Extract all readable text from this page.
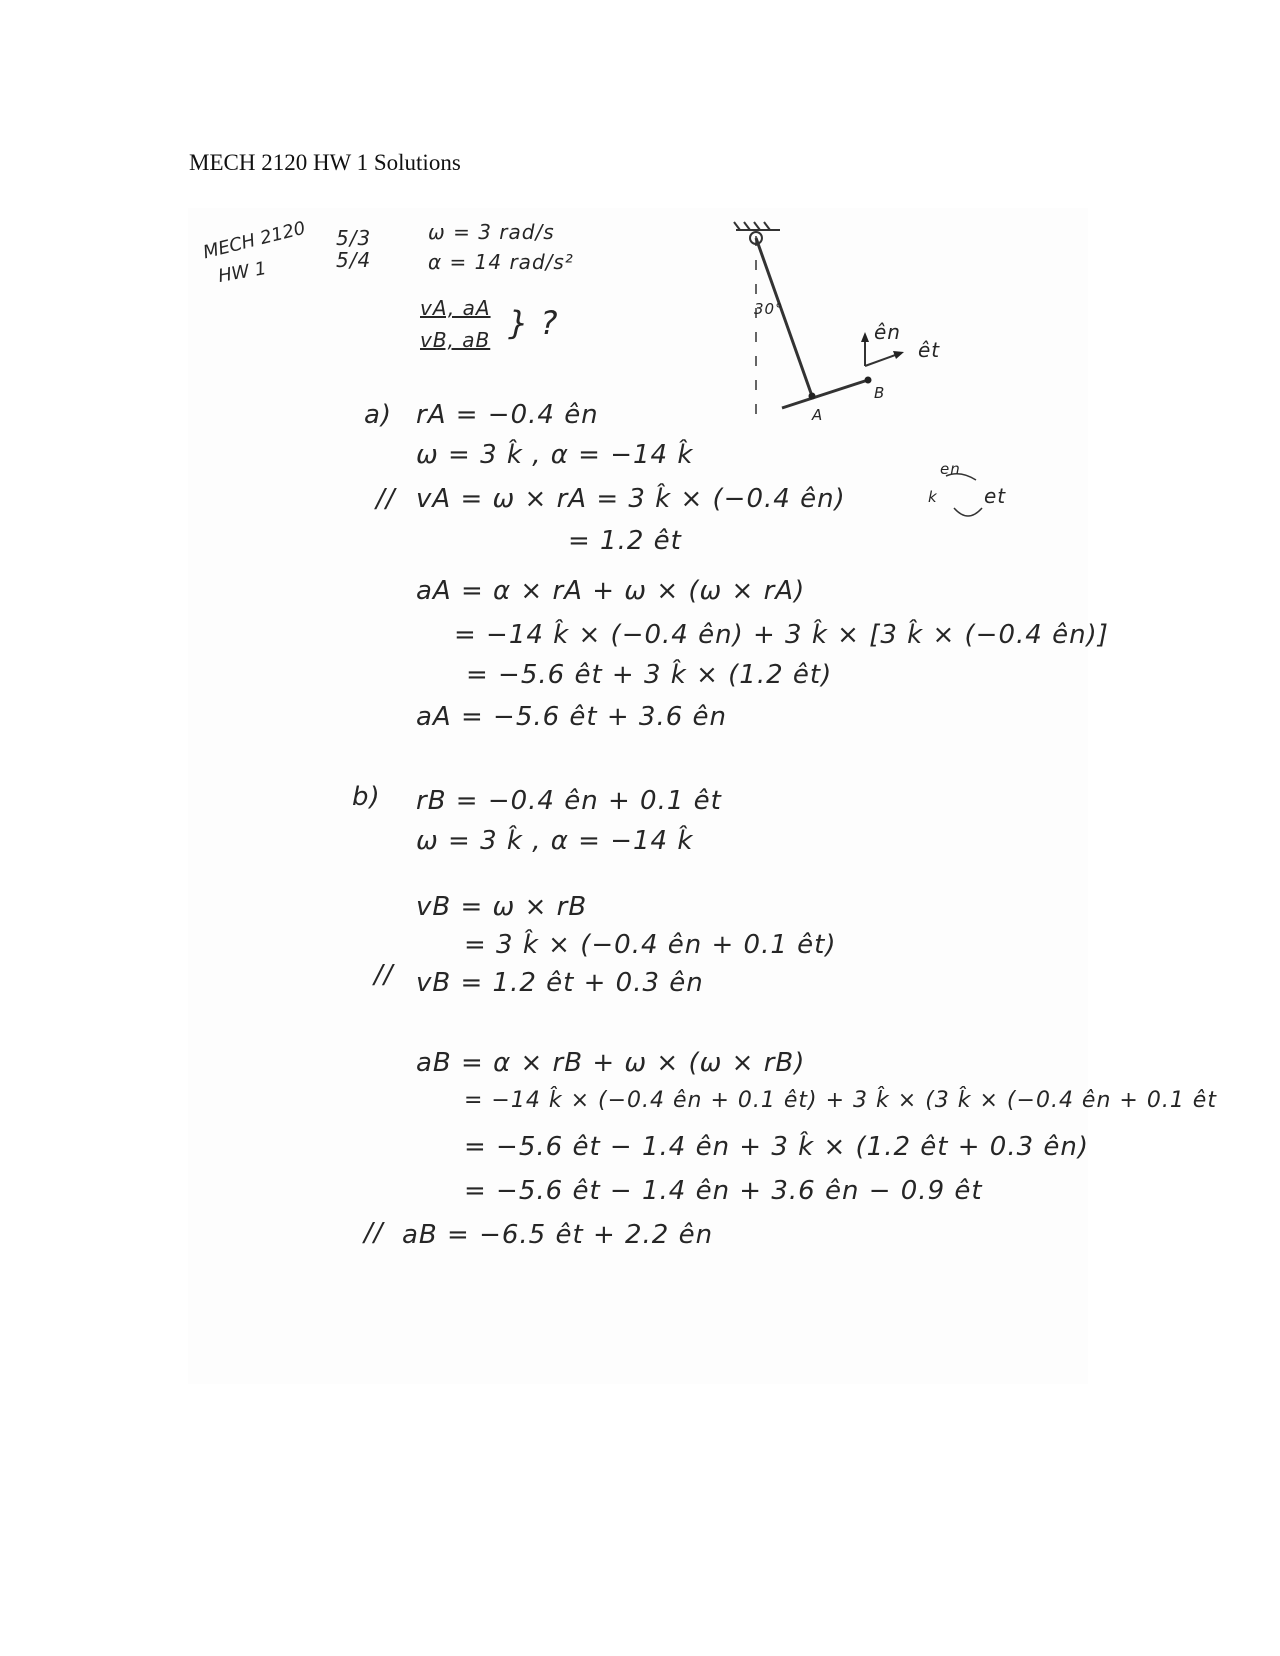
MECH 2120 HW 1 Solutions
MECH 2120
HW 1
5/3
5/4
ω = 3 rad/s
α = 14 rad/s²
vA, aA
vB, aB } ?	30°
A
B
ên
êt
en
k et
a) rA = −0.4 ên
ω = 3 k̂ , α = −14 k̂
// vA = ω × rA = 3 k̂ × (−0.4 ên)
= 1.2 êt
aA = α × rA + ω × (ω × rA)
= −14 k̂ × (−0.4 ên) + 3 k̂ × [3 k̂ × (−0.4 ên)]
= −5.6 êt + 3 k̂ × (1.2 êt)
aA = −5.6 êt + 3.6 ên
b) rB = −0.4 ên + 0.1 êt
ω = 3 k̂ , α = −14 k̂
vB = ω × rB
= 3 k̂ × (−0.4 ên + 0.1 êt)
// vB = 1.2 êt + 0.3 ên
aB = α × rB + ω × (ω × rB)
= −14 k̂ × (−0.4 ên + 0.1 êt) + 3 k̂ × (3 k̂ × (−0.4 ên + 0.1 êt
= −5.6 êt − 1.4 ên + 3 k̂ × (1.2 êt + 0.3 ên)
= −5.6 êt − 1.4 ên + 3.6 ên − 0.9 êt
// aB = −6.5 êt + 2.2 ên
